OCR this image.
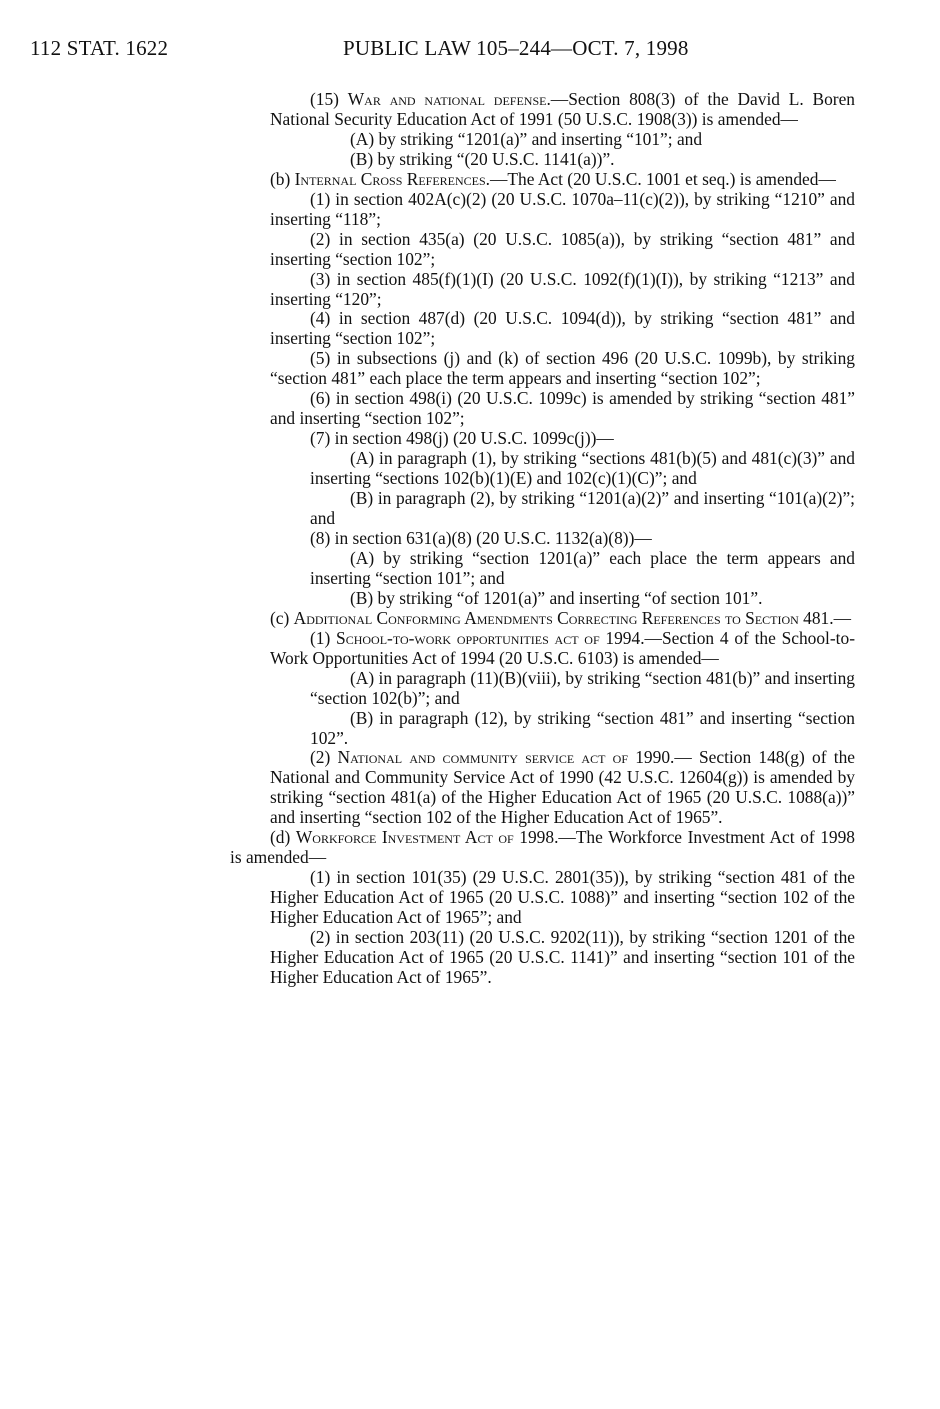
112 STAT. 1622	PUBLIC LAW 105–244—OCT. 7, 1998

(15) War and national defense.—Section 808(3) of the David L. Boren National Security Education Act of 1991 (50 U.S.C. 1908(3)) is amended—

(A) by striking “1201(a)” and inserting “101”; and

(B) by striking “(20 U.S.C. 1141(a))”.

(b) Internal Cross References.—The Act (20 U.S.C. 1001 et seq.) is amended—

(1) in section 402A(c)(2) (20 U.S.C. 1070a–11(c)(2)), by striking “1210” and inserting “118”;

(2) in section 435(a) (20 U.S.C. 1085(a)), by striking “section 481” and inserting “section 102”;

(3) in section 485(f)(1)(I) (20 U.S.C. 1092(f)(1)(I)), by striking “1213” and inserting “120”;

(4) in section 487(d) (20 U.S.C. 1094(d)), by striking “section 481” and inserting “section 102”;

(5) in subsections (j) and (k) of section 496 (20 U.S.C. 1099b), by striking “section 481” each place the term appears and inserting “section 102”;

(6) in section 498(i) (20 U.S.C. 1099c) is amended by striking “section 481” and inserting “section 102”;

(7) in section 498(j) (20 U.S.C. 1099c(j))—

(A) in paragraph (1), by striking “sections 481(b)(5) and 481(c)(3)” and inserting “sections 102(b)(1)(E) and 102(c)(1)(C)”; and

(B) in paragraph (2), by striking “1201(a)(2)” and inserting “101(a)(2)”; and

(8) in section 631(a)(8) (20 U.S.C. 1132(a)(8))—

(A) by striking “section 1201(a)” each place the term appears and inserting “section 101”; and

(B) by striking “of 1201(a)” and inserting “of section 101”.

(c) Additional Conforming Amendments Correcting References to Section 481.—

(1) School-to-work opportunities act of 1994.—Section 4 of the School-to-Work Opportunities Act of 1994 (20 U.S.C. 6103) is amended—

(A) in paragraph (11)(B)(viii), by striking “section 481(b)” and inserting “section 102(b)”; and

(B) in paragraph (12), by striking “section 481” and inserting “section 102”.

(2) National and community service act of 1990.— Section 148(g) of the National and Community Service Act of 1990 (42 U.S.C. 12604(g)) is amended by striking “section 481(a) of the Higher Education Act of 1965 (20 U.S.C. 1088(a))” and inserting “section 102 of the Higher Education Act of 1965”.

(d) Workforce Investment Act of 1998.—The Workforce Investment Act of 1998 is amended—

(1) in section 101(35) (29 U.S.C. 2801(35)), by striking “section 481 of the Higher Education Act of 1965 (20 U.S.C. 1088)” and inserting “section 102 of the Higher Education Act of 1965”; and

(2) in section 203(11) (20 U.S.C. 9202(11)), by striking “section 1201 of the Higher Education Act of 1965 (20 U.S.C. 1141)” and inserting “section 101 of the Higher Education Act of 1965”.
